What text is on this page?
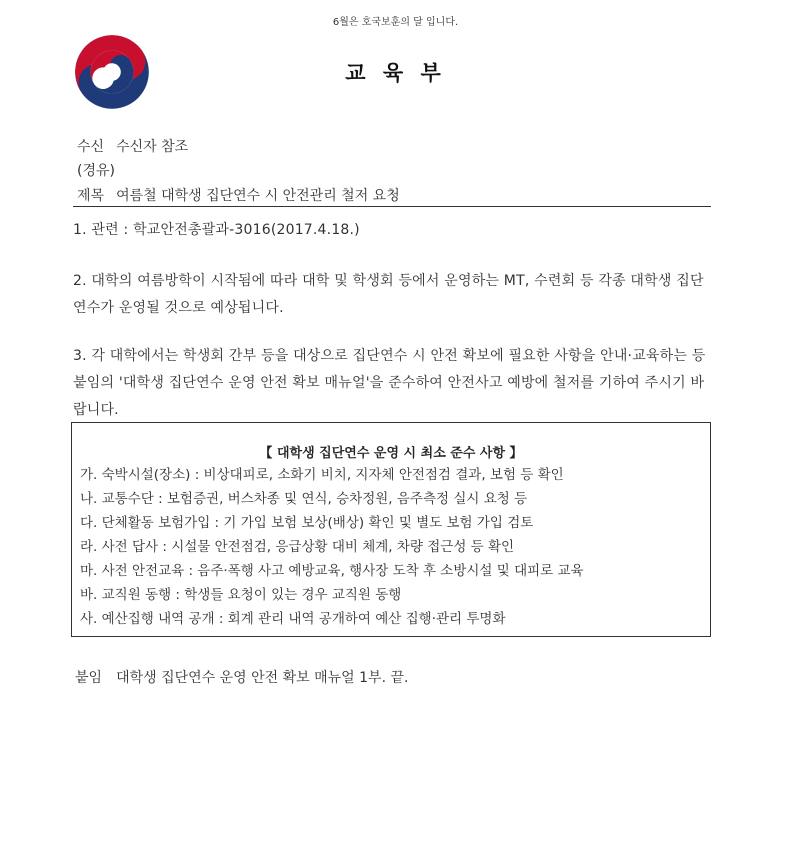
6월은 호국보훈의 달 입니다.
교 육 부
수신 수신자 참조
(경유)
제목 여름철 대학생 집단연수 시 안전관리 철저 요청
1. 관련 : 학교안전총괄과-3016(2017.4.18.)
2. 대학의 여름방학이 시작됨에 따라 대학 및 학생회 등에서 운영하는 MT, 수련회 등 각종 대학생 집단연수가 운영될 것으로 예상됩니다.
3. 각 대학에서는 학생회 간부 등을 대상으로 집단연수 시 안전 확보에 필요한 사항을 안내·교육하는 등 붙임의 '대학생 집단연수 운영 안전 확보 매뉴얼'을 준수하여 안전사고 예방에 철저를 기하여 주시기 바랍니다.
【 대학생 집단연수 운영 시 최소 준수 사항 】
가. 숙박시설(장소) : 비상대피로, 소화기 비치, 지자체 안전점검 결과, 보험 등 확인
나. 교통수단 : 보험증권, 버스차종 및 연식, 승차정원, 음주측정 실시 요청 등
다. 단체활동 보험가입 : 기 가입 보험 보상(배상) 확인 및 별도 보험 가입 검토
라. 사전 답사 : 시설물 안전점검, 응급상황 대비 체계, 차량 접근성 등 확인
마. 사전 안전교육 : 음주·폭행 사고 예방교육, 행사장 도착 후 소방시설 및 대피로 교육
바. 교직원 동행 : 학생들 요청이 있는 경우 교직원 동행
사. 예산집행 내역 공개 : 회계 관리 내역 공개하여 예산 집행·관리 투명화
붙임 대학생 집단연수 운영 안전 확보 매뉴얼 1부. 끝.
